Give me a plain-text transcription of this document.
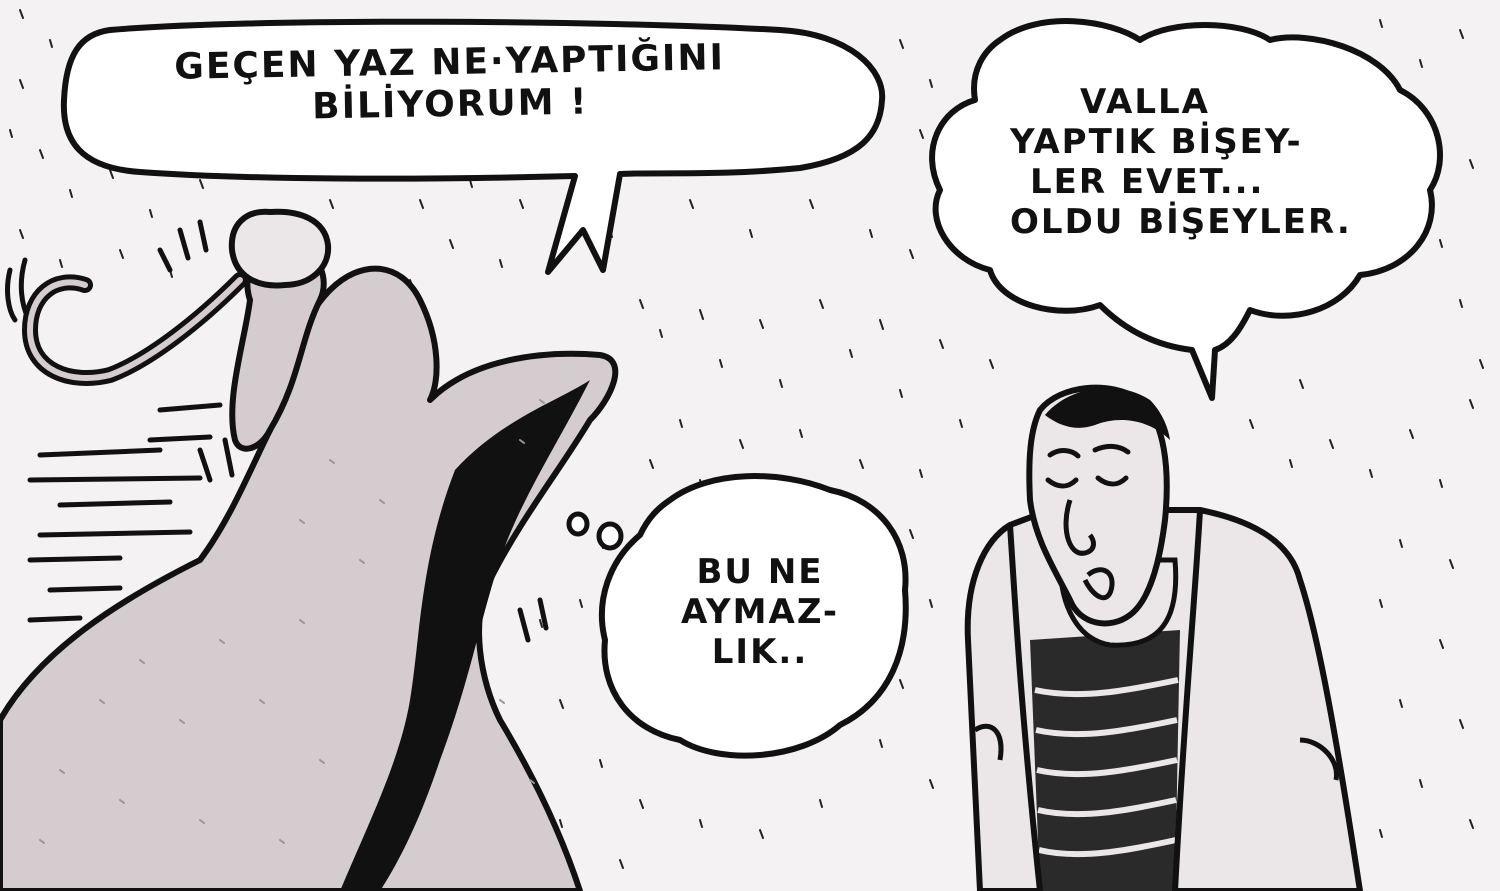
GEÇEN YAZ NE·YAPTIĞINI
BİLİYORUM !	VALLA
YAPTIK BİŞEY-
LER EVET...
OLDU BİŞEYLER.
BU NE
AYMAZ-
LIK..
